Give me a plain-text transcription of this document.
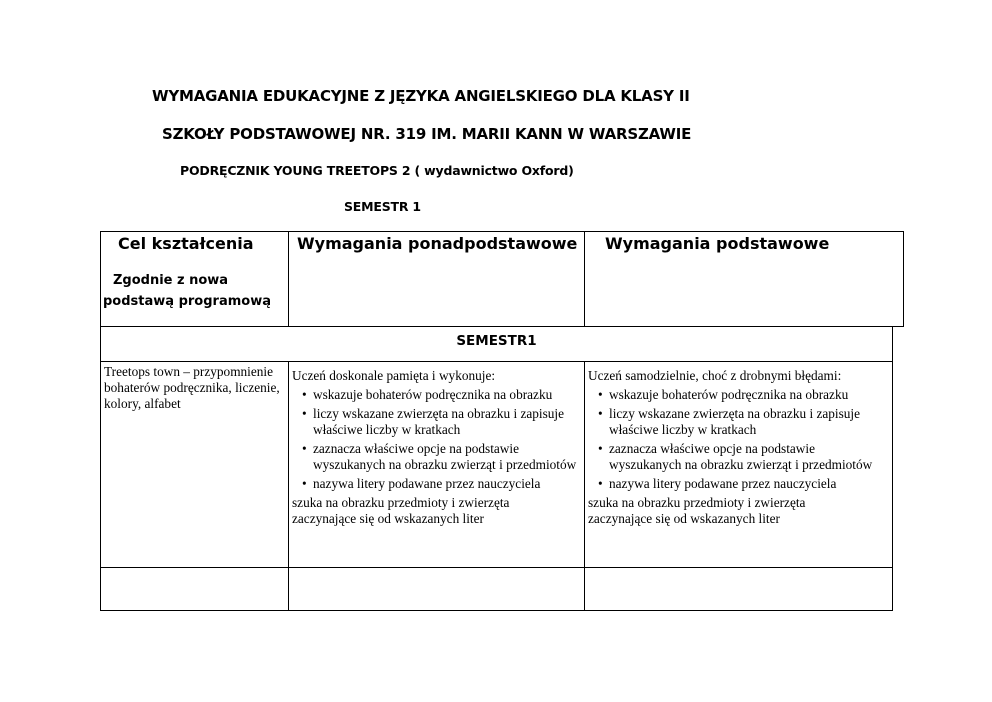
WYMAGANIA EDUKACYJNE Z JĘZYKA ANGIELSKIEGO DLA KLASY II
SZKOŁY PODSTAWOWEJ NR. 319 IM. MARII KANN W WARSZAWIE
PODRĘCZNIK YOUNG TREETOPS 2 ( wydawnictwo Oxford)
SEMESTR 1
Cel kształcenia
Zgodnie z nowa
podstawą programową
Wymagania ponadpodstawowe Wymagania podstawowe
SEMESTR1
Treetops town – przypomnienie bohaterów podręcznika, liczenie, kolory, alfabet
Uczeń doskonale pamięta i wykonuje:
• wskazuje bohaterów podręcznika na obrazku
• liczy wskazane zwierzęta na obrazku i zapisuje właściwe liczby w kratkach
• zaznacza właściwe opcje na podstawie wyszukanych na obrazku zwierząt i przedmiotów
• nazywa litery podawane przez nauczyciela
szuka na obrazku przedmioty i zwierzęta zaczynające się od wskazanych liter
Uczeń samodzielnie, choć z drobnymi błędami:
• wskazuje bohaterów podręcznika na obrazku
• liczy wskazane zwierzęta na obrazku i zapisuje właściwe liczby w kratkach
• zaznacza właściwe opcje na podstawie wyszukanych na obrazku zwierząt i przedmiotów
• nazywa litery podawane przez nauczyciela
szuka na obrazku przedmioty i zwierzęta zaczynające się od wskazanych liter
